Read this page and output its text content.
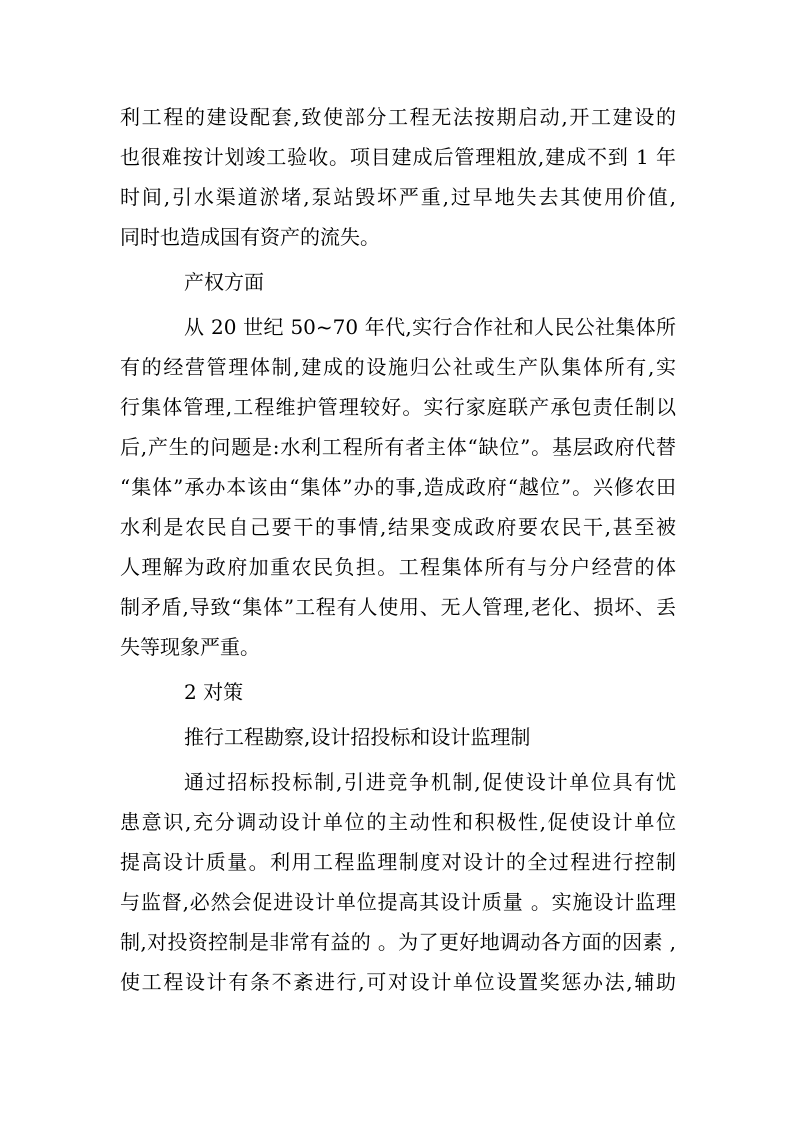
利工程的建设配套,致使部分工程无法按期启动,开工建设的
也很难按计划竣工验收。项目建成后管理粗放,建成不到 1 年
时间,引水渠道淤堵,泵站毁坏严重,过早地失去其使用价值,
同时也造成国有资产的流失。
产权方面
从 20 世纪 50~70 年代,实行合作社和人民公社集体所
有的经营管理体制,建成的设施归公社或生产队集体所有,实
行集体管理,工程维护管理较好。实行家庭联产承包责任制以
后,产生的问题是:水利工程所有者主体“缺位”。基层政府代替
“集体”承办本该由“集体”办的事,造成政府“越位”。兴修农田
水利是农民自己要干的事情,结果变成政府要农民干,甚至被
人理解为政府加重农民负担。工程集体所有与分户经营的体
制矛盾,导致“集体”工程有人使用、无人管理,老化、损坏、丢
失等现象严重。
2 对策
推行工程勘察,设计招投标和设计监理制
通过招标投标制,引进竞争机制,促使设计单位具有忧
患意识,充分调动设计单位的主动性和积极性,促使设计单位
提高设计质量。利用工程监理制度对设计的全过程进行控制
与监督,必然会促进设计单位提高其设计质量 。实施设计监理
制,对投资控制是非常有益的 。为了更好地调动各方面的因素 ,
使工程设计有条不紊进行,可对设计单位设置奖惩办法,辅助
